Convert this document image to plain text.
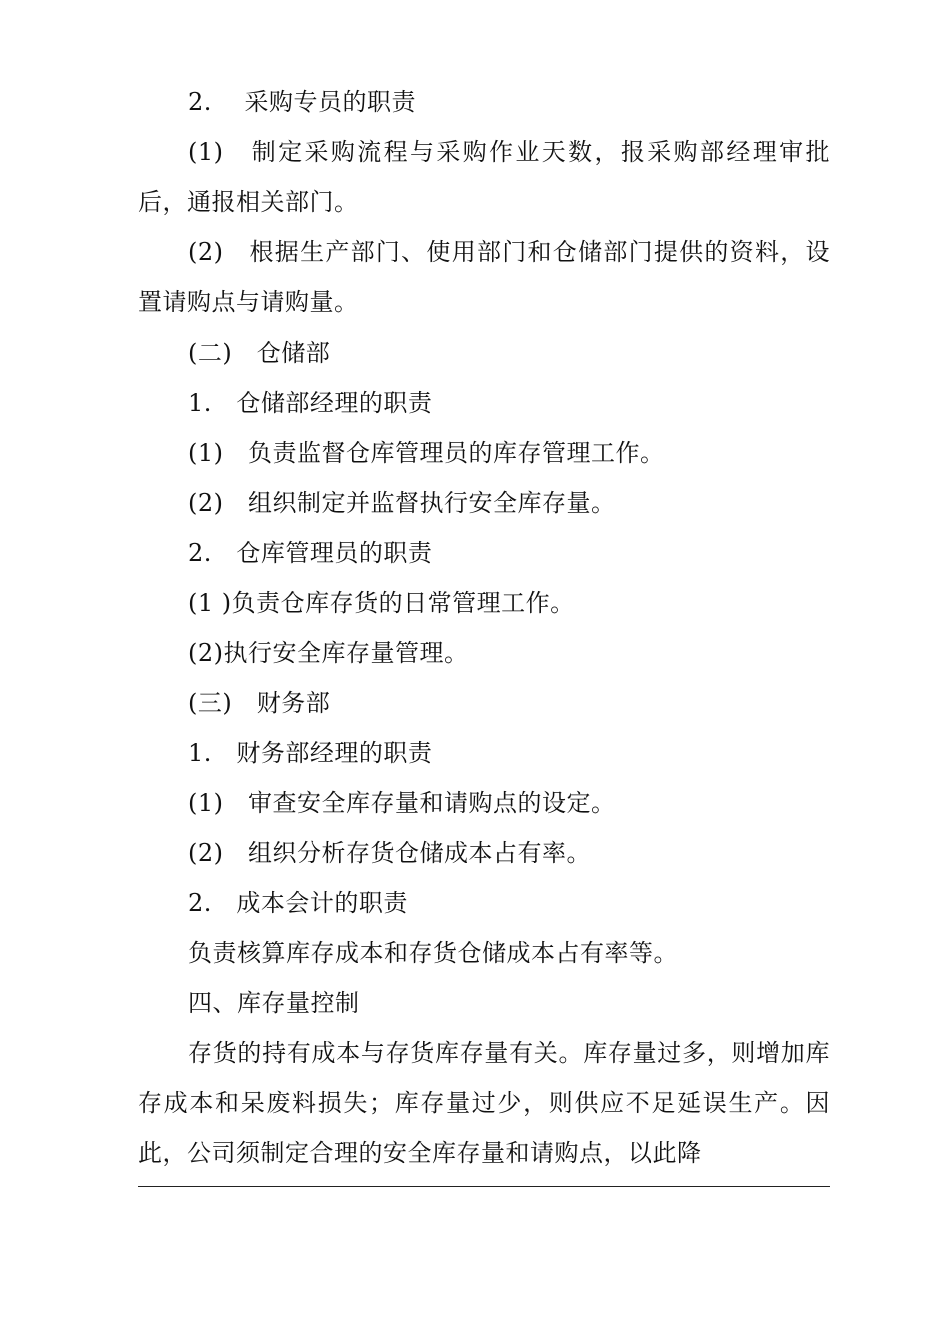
2.　 采购专员的职责
(1)　制定采购流程与采购作业天数，报采购部经理审批
后，通报相关部门。
(2)　根据生产部门、使用部门和仓储部门提供的资料，设
置请购点与请购量。
(二)　仓储部
1.　仓储部经理的职责
(1)　负责监督仓库管理员的库存管理工作。
(2)　组织制定并监督执行安全库存量。
2.　仓库管理员的职责
(1 )负责仓库存货的日常管理工作。
(2)执行安全库存量管理。
(三)　财务部
1.　财务部经理的职责
(1)　审查安全库存量和请购点的设定。
(2)　组织分析存货仓储成本占有率。
2.　成本会计的职责
负责核算库存成本和存货仓储成本占有率等。
四、库存量控制
存货的持有成本与存货库存量有关。库存量过多，则增加库
存成本和呆废料损失；库存量过少，则供应不足延误生产。因
此，公司须制定合理的安全库存量和请购点，以此降
